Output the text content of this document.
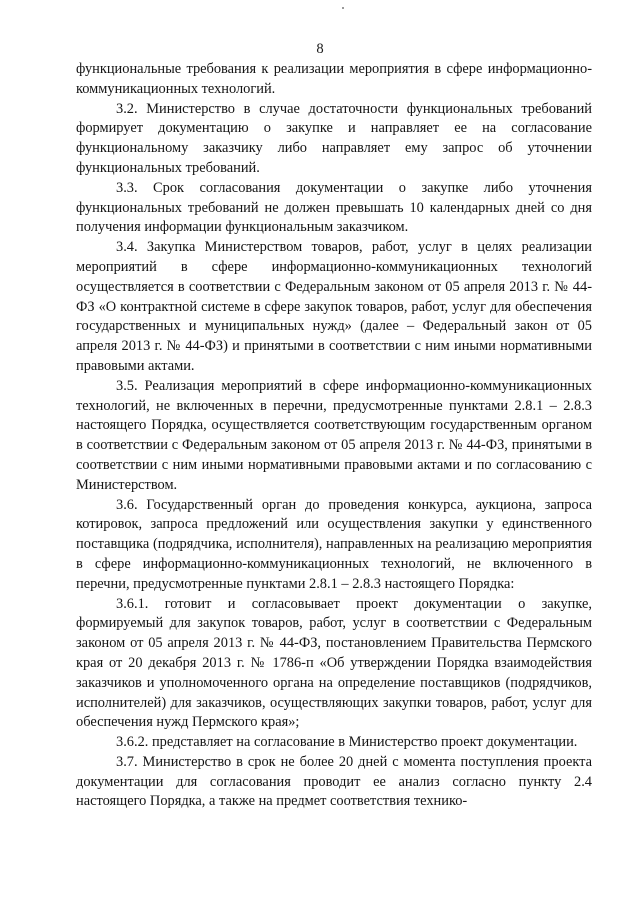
8

функциональные требования к реализации мероприятия в сфере информационно-коммуникационных технологий.

3.2. Министерство в случае достаточности функциональных требований формирует документацию о закупке и направляет ее на согласование функциональному заказчику либо направляет ему запрос об уточнении функциональных требований.

3.3. Срок согласования документации о закупке либо уточнения функциональных требований не должен превышать 10 календарных дней со дня получения информации функциональным заказчиком.

3.4. Закупка Министерством товаров, работ, услуг в целях реализации мероприятий в сфере информационно-коммуникационных технологий осуществляется в соответствии с Федеральным законом от 05 апреля 2013 г. № 44-ФЗ «О контрактной системе в сфере закупок товаров, работ, услуг для обеспечения государственных и муниципальных нужд» (далее – Федеральный закон от 05 апреля 2013 г. № 44-ФЗ) и принятыми в соответствии с ним иными нормативными правовыми актами.

3.5. Реализация мероприятий в сфере информационно-коммуникационных технологий, не включенных в перечни, предусмотренные пунктами 2.8.1 – 2.8.3 настоящего Порядка, осуществляется соответствующим государственным органом в соответствии с Федеральным законом от 05 апреля 2013 г. № 44-ФЗ, принятыми в соответствии с ним иными нормативными правовыми актами и по согласованию с Министерством.

3.6. Государственный орган до проведения конкурса, аукциона, запроса котировок, запроса предложений или осуществления закупки у единственного поставщика (подрядчика, исполнителя), направленных на реализацию мероприятия в сфере информационно-коммуникационных технологий, не включенного в перечни, предусмотренные пунктами 2.8.1 – 2.8.3 настоящего Порядка:

3.6.1. готовит и согласовывает проект документации о закупке, формируемый для закупок товаров, работ, услуг в соответствии с Федеральным законом от 05 апреля 2013 г. № 44-ФЗ, постановлением Правительства Пермского края от 20 декабря 2013 г. № 1786-п «Об утверждении Порядка взаимодействия заказчиков и уполномоченного органа на определение поставщиков (подрядчиков, исполнителей) для заказчиков, осуществляющих закупки товаров, работ, услуг для обеспечения нужд Пермского края»;

3.6.2. представляет на согласование в Министерство проект документации.

3.7. Министерство в срок не более 20 дней с момента поступления проекта документации для согласования проводит ее анализ согласно пункту 2.4 настоящего Порядка, а также на предмет соответствия технико-
